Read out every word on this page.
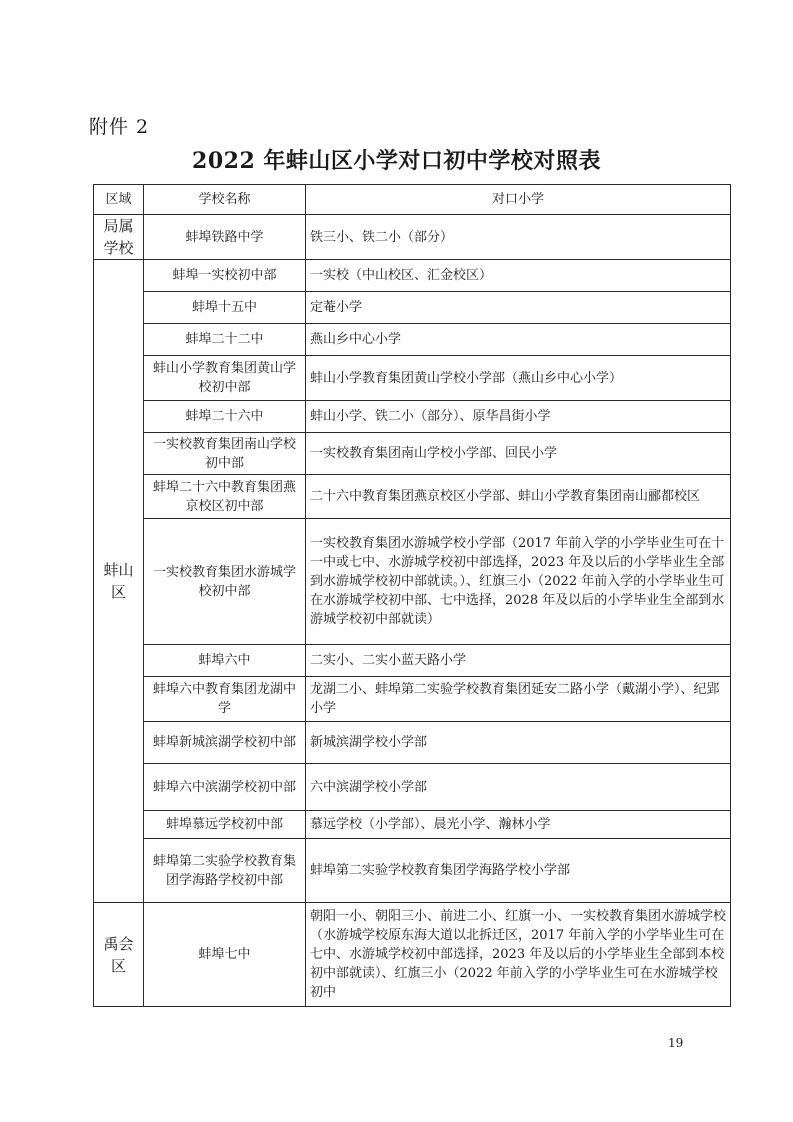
附件 2
2022 年蚌山区小学对口初中学校对照表
区域	学校名称	对口小学
局属学校	蚌埠铁路中学	铁三小、铁二小（部分）
蚌山区	蚌埠一实校初中部	一实校（中山校区、汇金校区）
	蚌埠十五中	定菴小学
	蚌埠二十二中	燕山乡中心小学
	蚌山小学教育集团黄山学校初中部	蚌山小学教育集团黄山学校小学部（燕山乡中心小学）
	蚌埠二十六中	蚌山小学、铁二小（部分）、原华昌街小学
	一实校教育集团南山学校初中部	一实校教育集团南山学校小学部、回民小学
	蚌埠二十六中教育集团燕京校区初中部	二十六中教育集团燕京校区小学部、蚌山小学教育集团南山郦都校区
	一实校教育集团水游城学校初中部	一实校教育集团水游城学校小学部（2017 年前入学的小学毕业生可在十一中或七中、水游城学校初中部选择，2023 年及以后的小学毕业生全部到水游城学校初中部就读。）、红旗三小（2022 年前入学的小学毕业生可在水游城学校初中部、七中选择，2028 年及以后的小学毕业生全部到水游城学校初中部就读）
	蚌埠六中	二实小、二实小蓝天路小学
	蚌埠六中教育集团龙湖中学	龙湖二小、蚌埠第二实验学校教育集团延安二路小学（戴湖小学）、纪郢小学
	蚌埠新城滨湖学校初中部	新城滨湖学校小学部
	蚌埠六中滨湖学校初中部	六中滨湖学校小学部
	蚌埠慕远学校初中部	慕远学校（小学部）、晨光小学、瀚林小学
	蚌埠第二实验学校教育集团学海路学校初中部	蚌埠第二实验学校教育集团学海路学校小学部
禹会区	蚌埠七中	朝阳一小、朝阳三小、前进二小、红旗一小、一实校教育集团水游城学校（水游城学校原东海大道以北拆迁区，2017 年前入学的小学毕业生可在七中、水游城学校初中部选择，2023 年及以后的小学毕业生全部到本校初中部就读）、红旗三小（2022 年前入学的小学毕业生可在水游城学校初中
19
